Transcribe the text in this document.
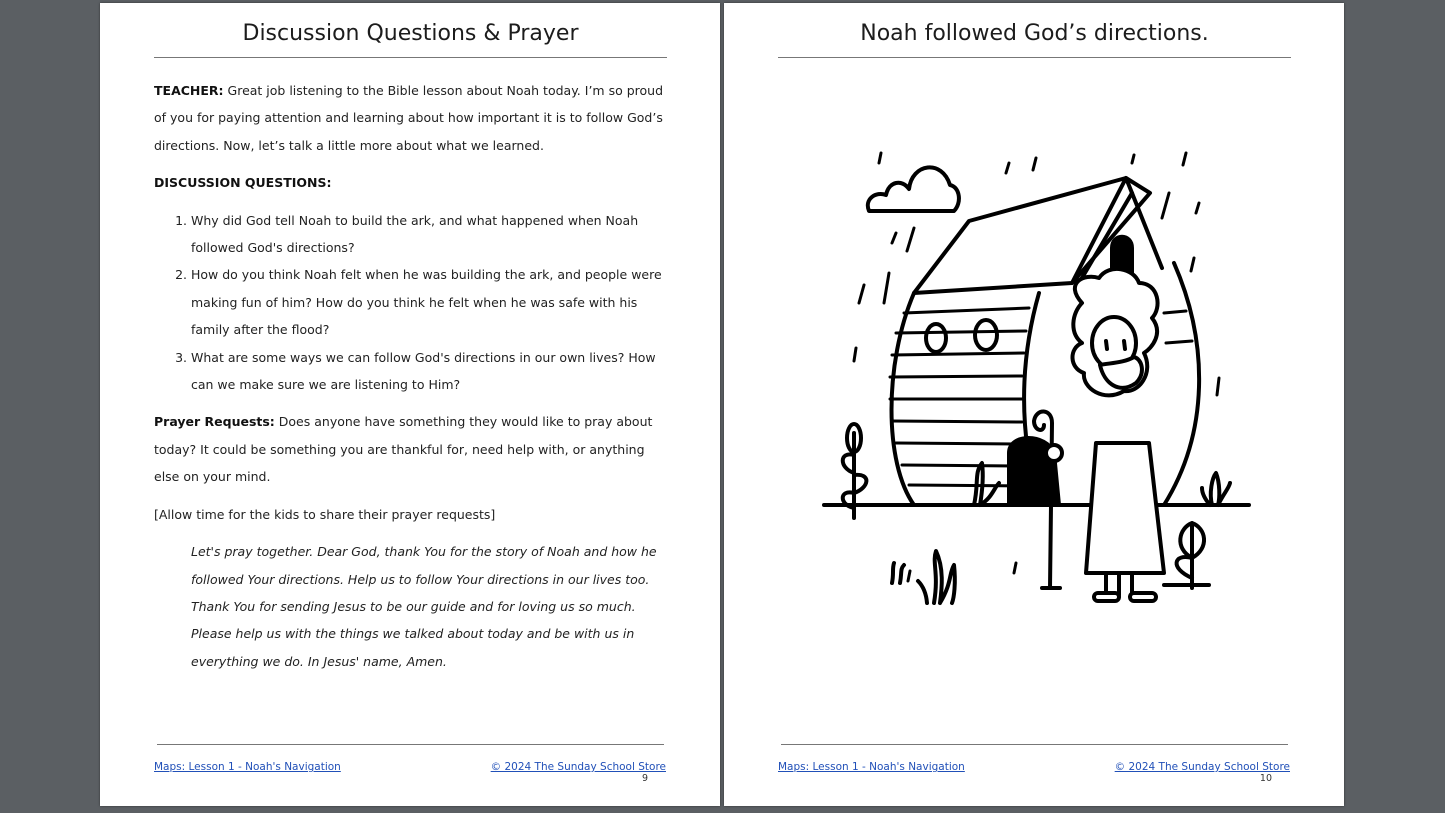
Discussion Questions & Prayer

TEACHER: Great job listening to the Bible lesson about Noah today. I’m so proud of you for paying attention and learning about how important it is to follow God’s directions. Now, let’s talk a little more about what we learned.

DISCUSSION QUESTIONS:

1. Why did God tell Noah to build the ark, and what happened when Noah followed God's directions?
2. How do you think Noah felt when he was building the ark, and people were making fun of him? How do you think he felt when he was safe with his family after the flood?
3. What are some ways we can follow God's directions in our own lives? How can we make sure we are listening to Him?

Prayer Requests: Does anyone have something they would like to pray about today? It could be something you are thankful for, need help with, or anything else on your mind.

[Allow time for the kids to share their prayer requests]

Let's pray together. Dear God, thank You for the story of Noah and how he followed Your directions. Help us to follow Your directions in our lives too. Thank You for sending Jesus to be our guide and for loving us so much. Please help us with the things we talked about today and be with us in everything we do. In Jesus' name, Amen.

Maps: Lesson 1 - Noah's Navigation	© 2024 The Sunday School Store
9
Noah followed God’s directions.
Maps: Lesson 1 - Noah's Navigation	© 2024 The Sunday School Store
10
